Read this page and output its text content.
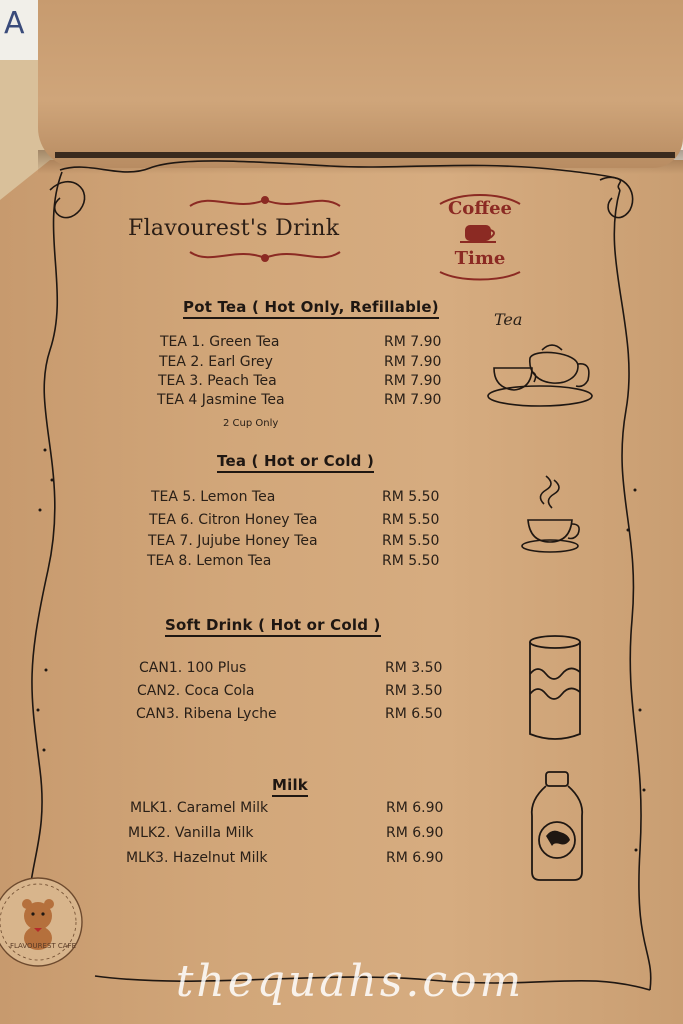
A
Flavourest's Drink
Coffee
Time
Pot Tea ( Hot Only, Refillable)
TEA 1. Green Tea	RM 7.90
TEA 2. Earl Grey	RM 7.90
TEA 3. Peach Tea	RM 7.90
TEA 4 Jasmine Tea	RM 7.90
2 Cup Only
Tea
Tea ( Hot or Cold )
TEA 5. Lemon Tea	RM 5.50
TEA 6. Citron Honey Tea	RM 5.50
TEA 7. Jujube Honey Tea	RM 5.50
TEA 8. Lemon Tea	RM 5.50
Soft Drink ( Hot or Cold )
CAN1. 100 Plus	RM 3.50
CAN2. Coca Cola	RM 3.50
CAN3. Ribena Lyche	RM 6.50
Milk
MLK1. Caramel Milk	RM 6.90
MLK2. Vanilla Milk	RM 6.90
MLK3. Hazelnut Milk	RM 6.90
FLAVOUREST CAFE
thequahs.com
